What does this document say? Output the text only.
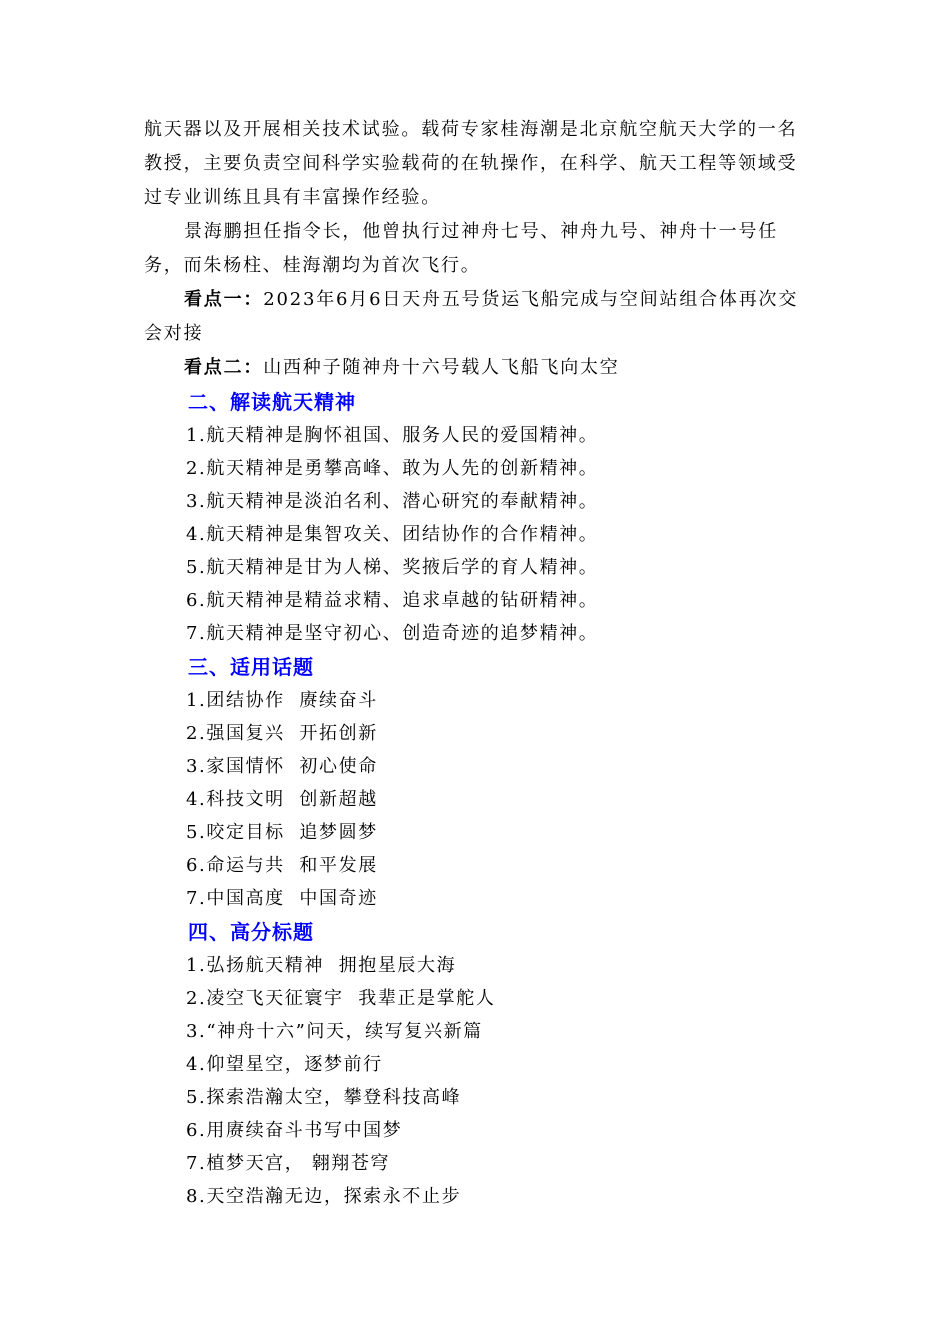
航天器以及开展相关技术试验。载荷专家桂海潮是北京航空航天大学的一名教授，主要负责空间科学实验载荷的在轨操作，在科学、航天工程等领域受过专业训练且具有丰富操作经验。

景海鹏担任指令长，他曾执行过神舟七号、神舟九号、神舟十一号任务，而朱杨柱、桂海潮均为首次飞行。

看点一：2023年6月6日天舟五号货运飞船完成与空间站组合体再次交会对接

看点二：山西种子随神舟十六号载人飞船飞向太空

二、解读航天精神
1.航天精神是胸怀祖国、服务人民的爱国精神。
2.航天精神是勇攀高峰、敢为人先的创新精神。
3.航天精神是淡泊名利、潜心研究的奉献精神。
4.航天精神是集智攻关、团结协作的合作精神。
5.航天精神是甘为人梯、奖掖后学的育人精神。
6.航天精神是精益求精、追求卓越的钻研精神。
7.航天精神是坚守初心、创造奇迹的追梦精神。
三、适用话题
1.团结协作  赓续奋斗
2.强国复兴  开拓创新
3.家国情怀  初心使命
4.科技文明  创新超越
5.咬定目标  追梦圆梦
6.命运与共  和平发展
7.中国高度  中国奇迹
四、高分标题
1.弘扬航天精神  拥抱星辰大海
2.凌空飞天征寰宇  我辈正是掌舵人
3.“神舟十六”问天，续写复兴新篇
4.仰望星空，逐梦前行
5.探索浩瀚太空，攀登科技高峰
6.用赓续奋斗书写中国梦
7.植梦天宫， 翱翔苍穹
8.天空浩瀚无边，探索永不止步
